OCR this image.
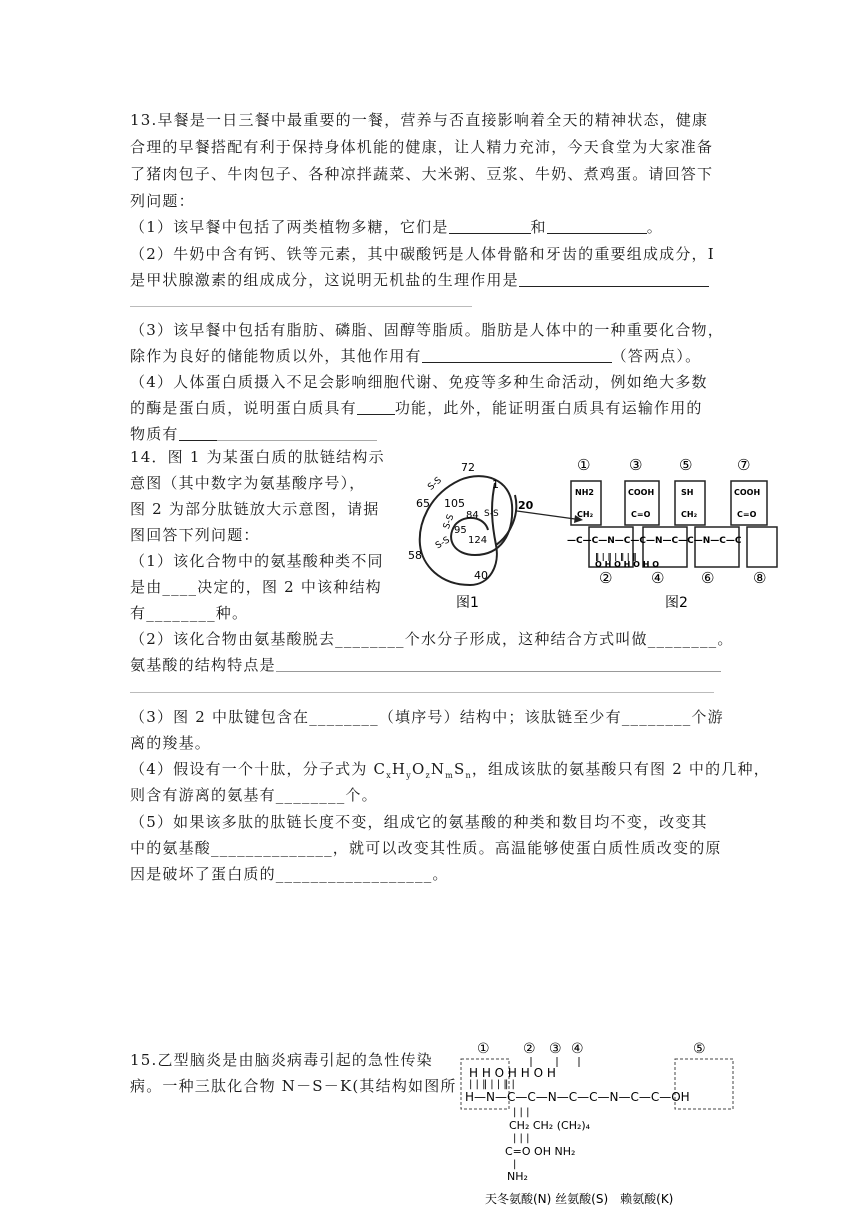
13.早餐是一日三餐中最重要的一餐，营养与否直接影响着全天的精神状态，健康
合理的早餐搭配有利于保持身体机能的健康，让人精力充沛，今天食堂为大家准备
了猪肉包子、牛肉包子、各种凉拌蔬菜、大米粥、豆浆、牛奶、煮鸡蛋。请回答下
列问题：
（1）该早餐中包括了两类植物多糖，它们是	和	。
（2）牛奶中含有钙、铁等元素，其中碳酸钙是人体骨骼和牙齿的重要组成成分，I
是甲状腺激素的组成成分，这说明无机盐的生理作用是
（3）该早餐中包括有脂肪、磷脂、固醇等脂质。脂肪是人体中的一种重要化合物，
除作为良好的储能物质以外，其他作用有	（答两点）。
（4）人体蛋白质摄入不足会影响细胞代谢、免疫等多种生命活动，例如绝大多数
的酶是蛋白质，说明蛋白质具有	功能，此外，能证明蛋白质具有运输作用的
物质有
14．图 1 为某蛋白质的肽链结构示
意图（其中数字为氨基酸序号），
图 2 为部分肽链放大示意图，请据
图回答下列问题：
（1）该化合物中的氨基酸种类不同
是由____决定的，图 2 中该种结构
有________种。
72
65 105
84
95
124
58
40
1
20
S-S
S-S
S-S
S-S
图1
①	③ ⑤	⑦
NH2
CH₂
COOH
C=O
SH
CH₂
COOH
C=O
—C—C—N—C—C—N—C—C—N—C—C
‖ | ‖ | ‖ | ‖
O H O H O H O
②	④ ⑥	⑧
图2
（2）该化合物由氨基酸脱去________个水分子形成，这种结合方式叫做________。
氨基酸的结构特点是
（3）图 2 中肽键包含在________（填序号）结构中；该肽链至少有________个游
离的羧基。
（4）假设有一个十肽，分子式为 $C_xH_yO_zN_mS_n$，组成该肽的氨基酸只有图 2 中的几种，
则含有游离的氨基有________个。
（5）如果该多肽的肽链长度不变，组成它的氨基酸的种类和数目均不变，改变其
中的氨基酸______________，就可以改变其性质。高温能够使蛋白质性质改变的原
因是破坏了蛋白质的__________________。
15.乙型脑炎是由脑炎病毒引起的急性传染
病。一种三肽化合物 N－S－K(其结构如图所
① ② ③ ④	⑤
H H O H H O H
| | ‖ | | ‖ |
H—N—C—C—N—C—C—N—C—C—OH
| | |
CH₂ CH₂ (CH₂)₄
| | |
C=O OH NH₂
|
NH₂
天冬氨酸(N) 丝氨酸(S)　赖氨酸(K)
